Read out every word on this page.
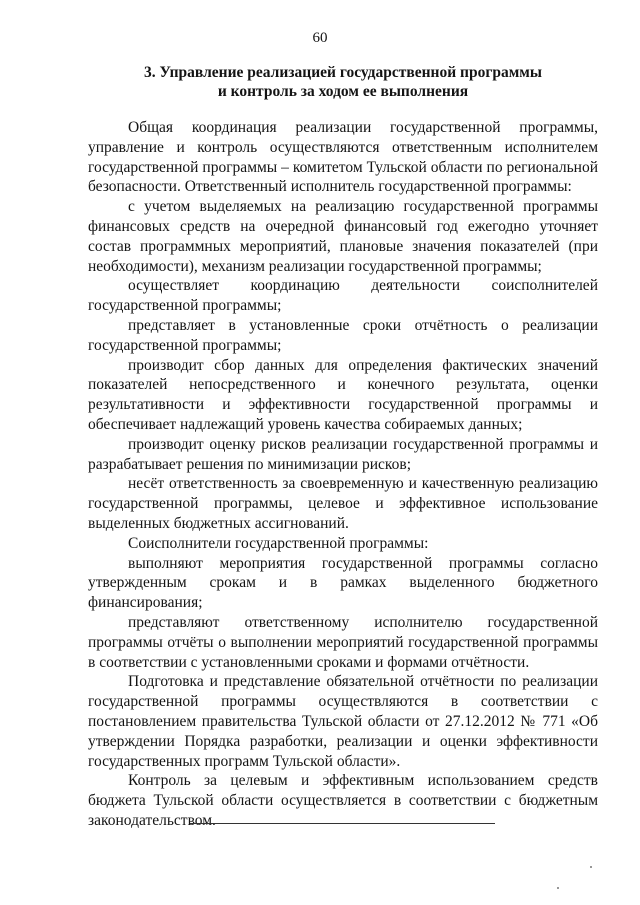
60
3. Управление реализацией государственной программы
и контроль за ходом ее выполнения

Общая координация реализации государственной программы, управление и контроль осуществляются ответственным исполнителем государственной программы – комитетом Тульской области по региональной безопасности. Ответственный исполнитель государственной программы:

с учетом выделяемых на реализацию государственной программы финансовых средств на очередной финансовый год ежегодно уточняет состав программных мероприятий, плановые значения показателей (при необходимости), механизм реализации государственной программы;

осуществляет координацию деятельности соисполнителей государственной программы;

представляет в установленные сроки отчётность о реализации государственной программы;

производит сбор данных для определения фактических значений показателей непосредственного и конечного результата, оценки результативности и эффективности государственной программы и обеспечивает надлежащий уровень качества собираемых данных;

производит оценку рисков реализации государственной программы и разрабатывает решения по минимизации рисков;

несёт ответственность за своевременную и качественную реализацию государственной программы, целевое и эффективное использование выделенных бюджетных ассигнований.

Соисполнители государственной программы:

выполняют мероприятия государственной программы согласно утвержденным срокам и в рамках выделенного бюджетного финансирования;

представляют ответственному исполнителю государственной программы отчёты о выполнении мероприятий государственной программы в соответствии с установленными сроками и формами отчётности.

Подготовка и представление обязательной отчётности по реализации государственной программы осуществляются в соответствии с постановлением правительства Тульской области от 27.12.2012 № 771 «Об утверждении Порядка разработки, реализации и оценки эффективности государственных программ Тульской области».

Контроль за целевым и эффективным использованием средств бюджета Тульской области осуществляется в соответствии с бюджетным законодательством.
